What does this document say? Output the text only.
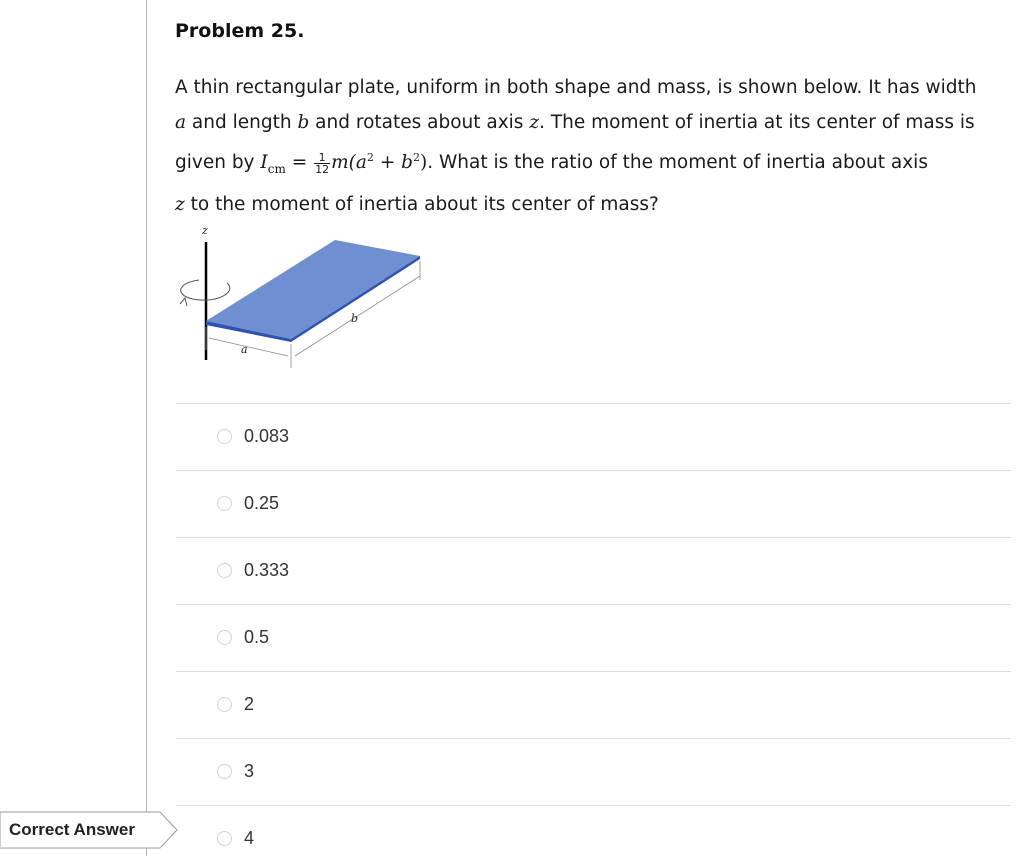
Problem 25.
A thin rectangular plate, uniform in both shape and mass, is shown below. It has width
a and length b and rotates about axis z. The moment of inertia at its center of mass is
given by $I_{cm} = \frac{1}{12} m(a^2 + b^2)$. What is the ratio of the moment of inertia about axis
z to the moment of inertia about its center of mass?
z
a
b
0.083
0.25
0.333
0.5
2
3
4
Correct Answer
